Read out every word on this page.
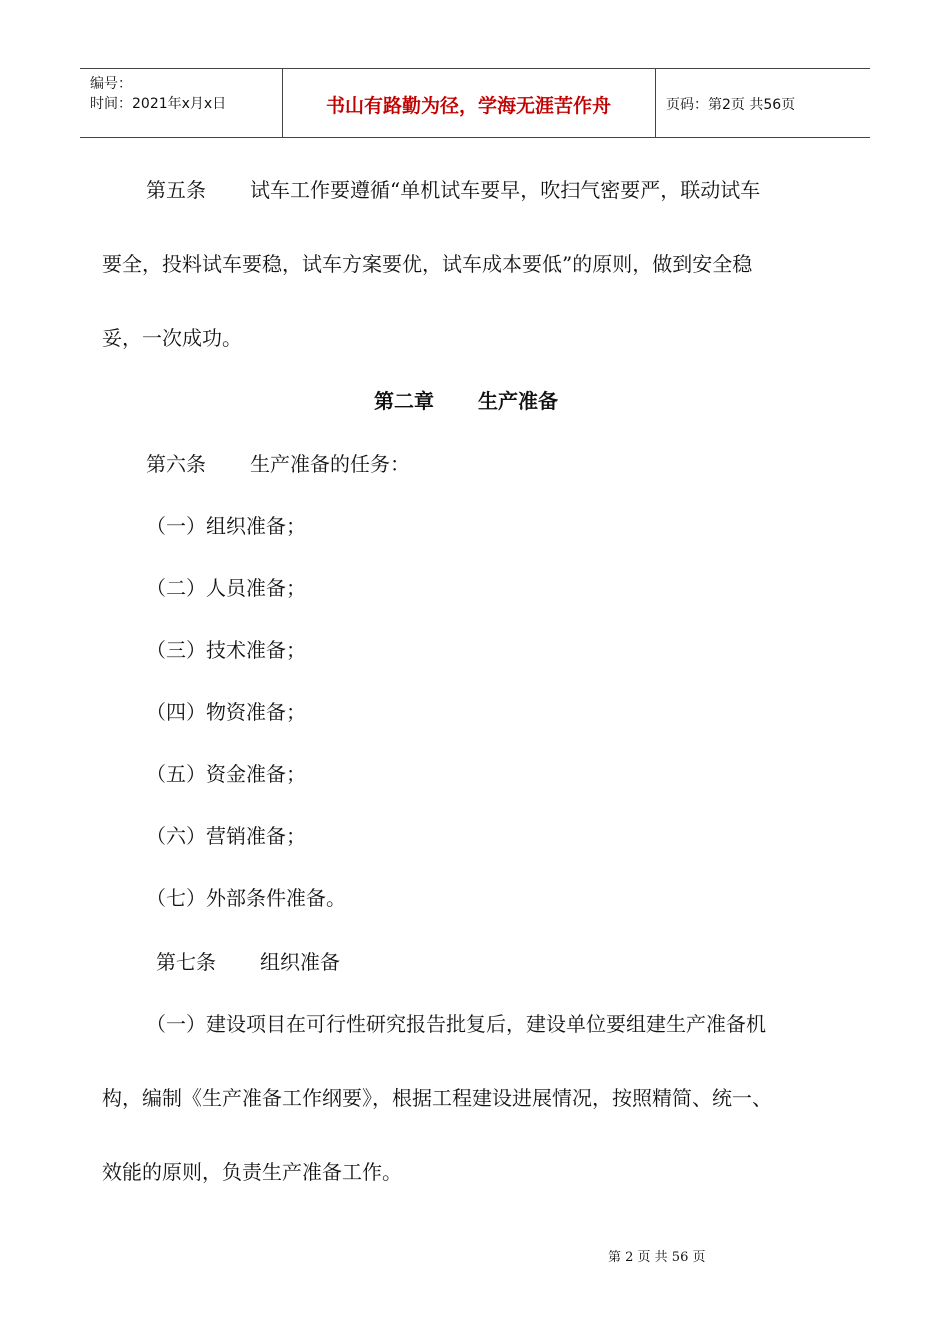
编号：
时间：2021年x月x日	书山有路勤为径，学海无涯苦作舟	页码：第2页 共56页
第五条 试车工作要遵循“单机试车要早，吹扫气密要严，联动试车
要全，投料试车要稳，试车方案要优，试车成本要低”的原则，做到安全稳
妥，一次成功。
第二章 生产准备
第六条 生产准备的任务：
（一）组织准备；
（二）人员准备；
（三）技术准备；
（四）物资准备；
（五）资金准备；
（六）营销准备；
（七）外部条件准备。
第七条 组织准备
（一）建设项目在可行性研究报告批复后，建设单位要组建生产准备机
构，编制《生产准备工作纲要》，根据工程建设进展情况，按照精简、统一、
效能的原则，负责生产准备工作。
第 2 页 共 56 页
